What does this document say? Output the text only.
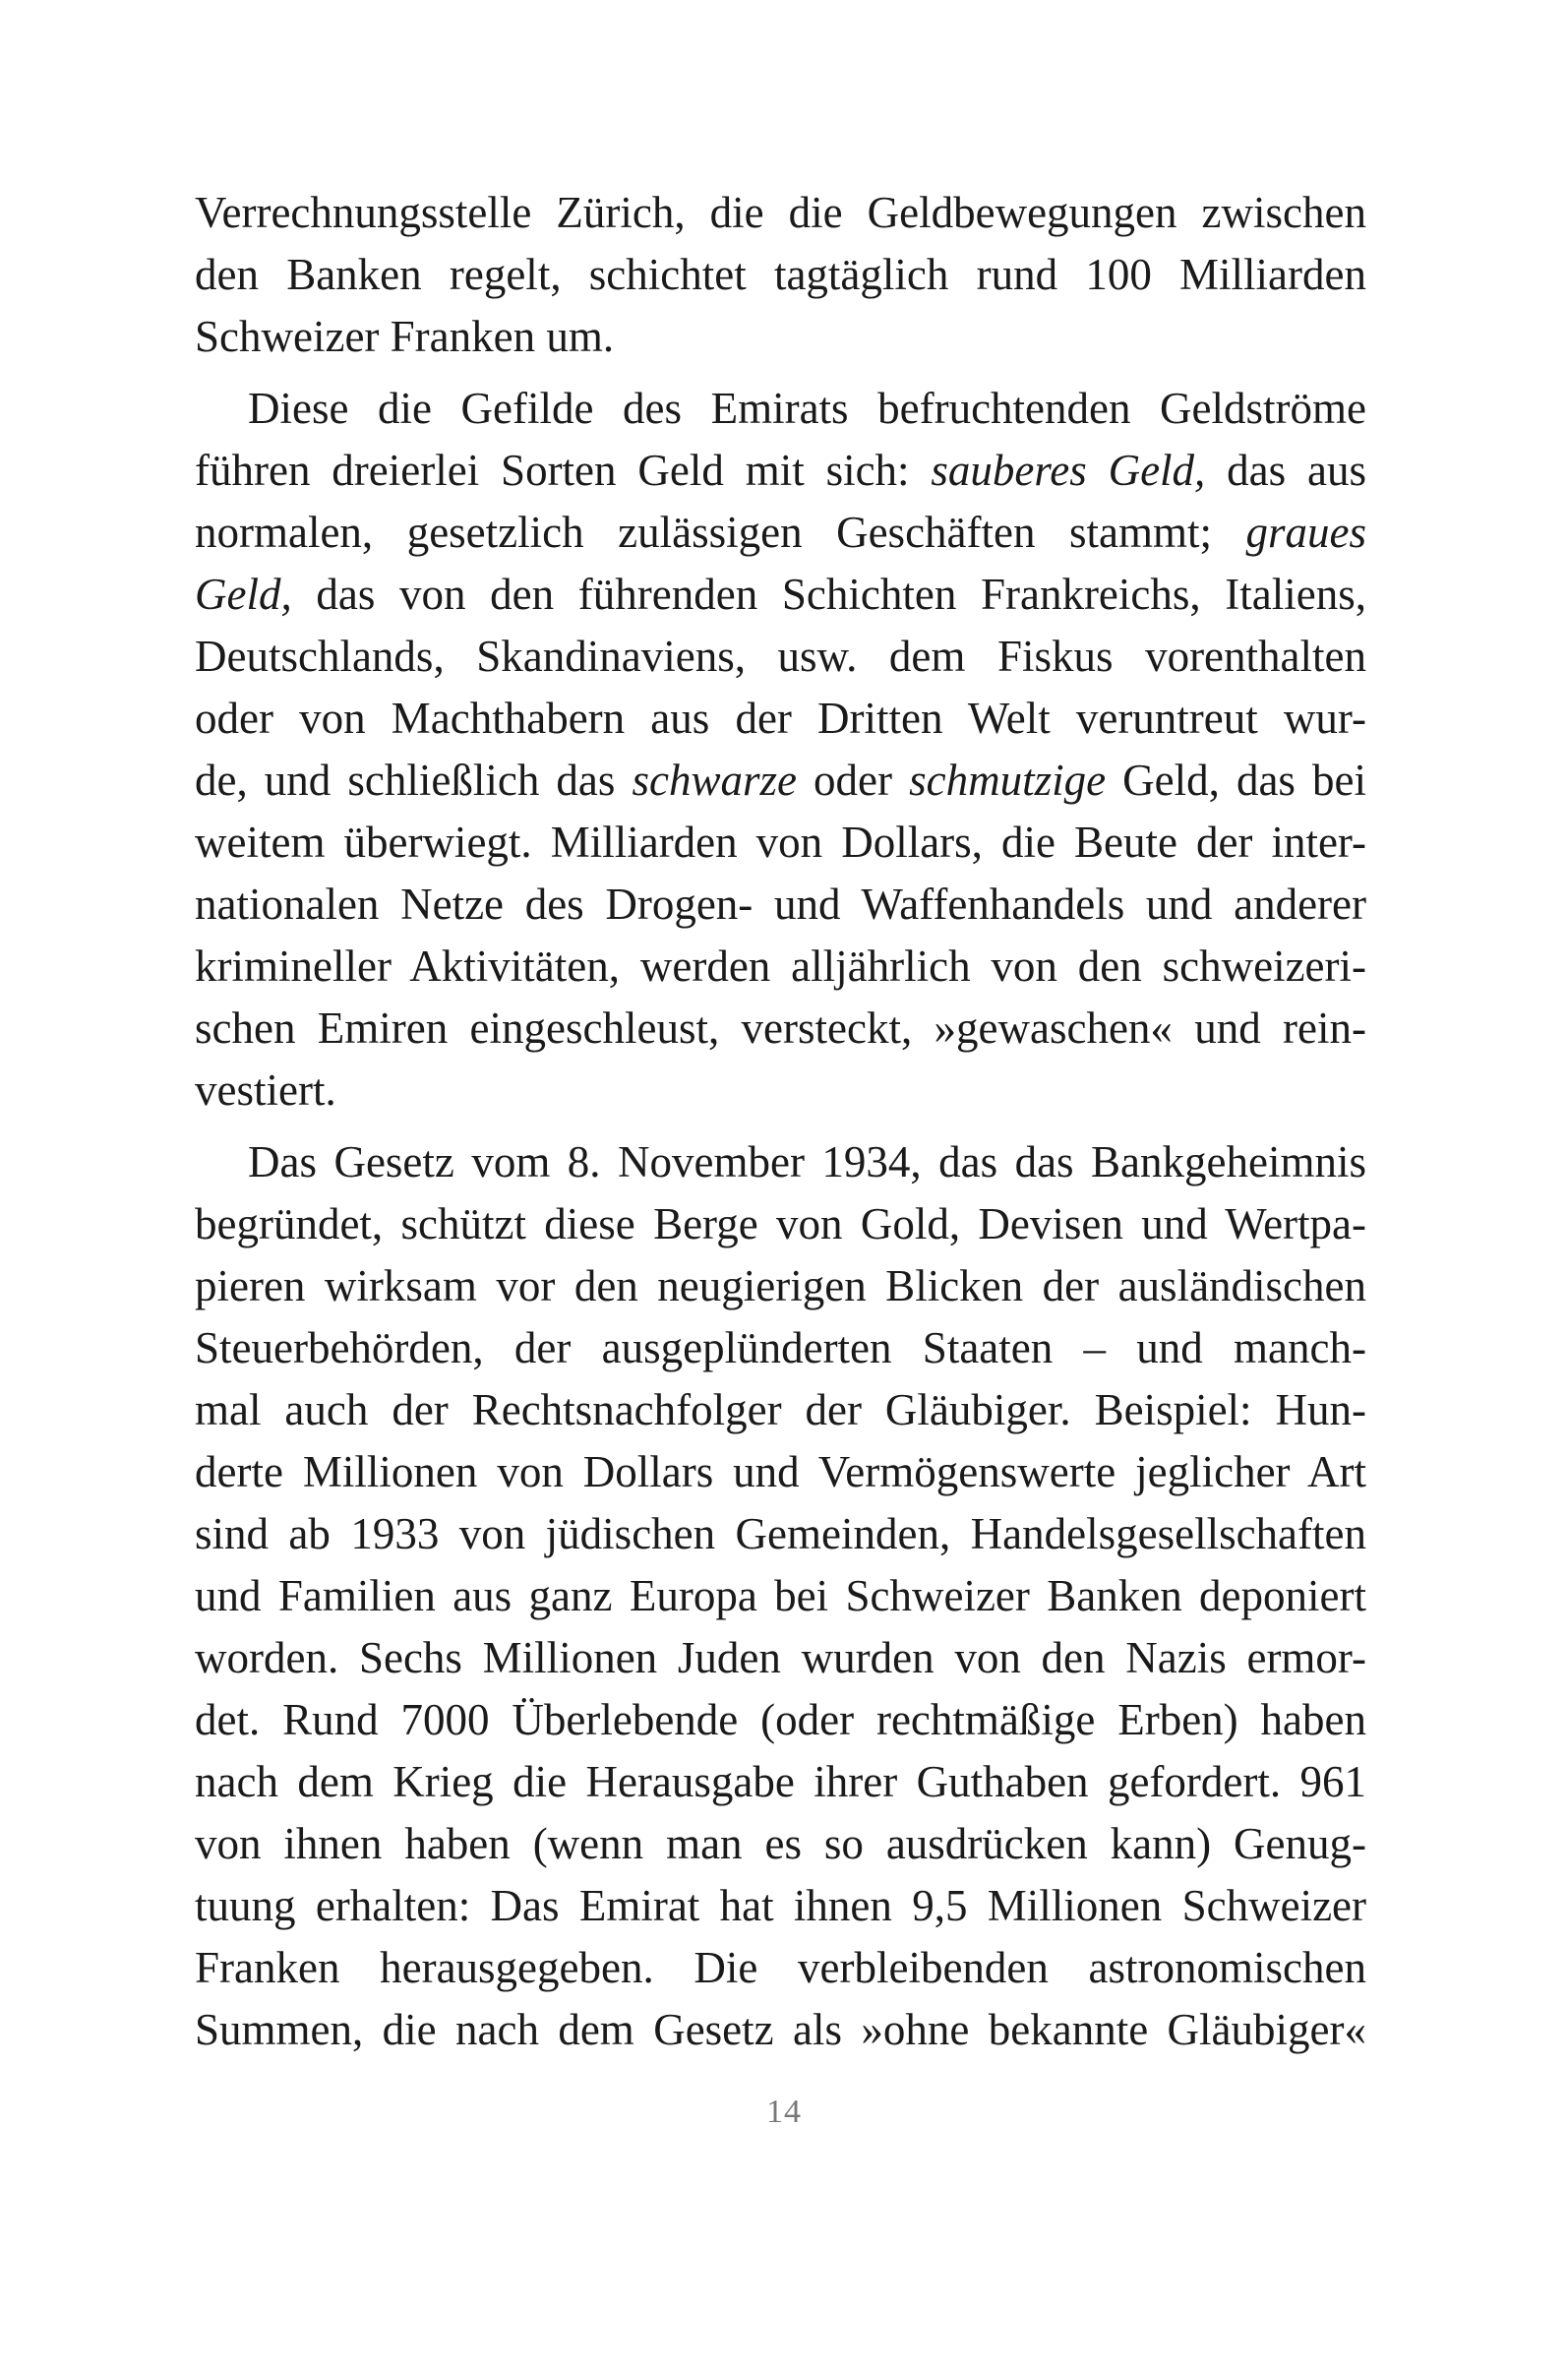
Verrechnungsstelle Zürich, die die Geldbewegungen zwischen
den Banken regelt, schichtet tagtäglich rund 100 Milliarden
Schweizer Franken um.
Diese die Gefilde des Emirats befruchtenden Geldströme
führen dreierlei Sorten Geld mit sich: sauberes Geld, das aus
normalen, gesetzlich zulässigen Geschäften stammt; graues
Geld, das von den führenden Schichten Frankreichs, Italiens,
Deutschlands, Skandinaviens, usw. dem Fiskus vorenthalten
oder von Machthabern aus der Dritten Welt veruntreut wur-
de, und schließlich das schwarze oder schmutzige Geld, das bei
weitem überwiegt. Milliarden von Dollars, die Beute der inter-
nationalen Netze des Drogen- und Waffenhandels und anderer
krimineller Aktivitäten, werden alljährlich von den schweizeri-
schen Emiren eingeschleust, versteckt, »gewaschen« und rein-
vestiert.
Das Gesetz vom 8. November 1934, das das Bankgeheimnis
begründet, schützt diese Berge von Gold, Devisen und Wertpa-
pieren wirksam vor den neugierigen Blicken der ausländischen
Steuerbehörden, der ausgeplünderten Staaten – und manch-
mal auch der Rechtsnachfolger der Gläubiger. Beispiel: Hun-
derte Millionen von Dollars und Vermögenswerte jeglicher Art
sind ab 1933 von jüdischen Gemeinden, Handelsgesellschaften
und Familien aus ganz Europa bei Schweizer Banken deponiert
worden. Sechs Millionen Juden wurden von den Nazis ermor-
det. Rund 7000 Überlebende (oder rechtmäßige Erben) haben
nach dem Krieg die Herausgabe ihrer Guthaben gefordert. 961
von ihnen haben (wenn man es so ausdrücken kann) Genug-
tuung erhalten: Das Emirat hat ihnen 9,5 Millionen Schweizer
Franken herausgegeben. Die verbleibenden astronomischen
Summen, die nach dem Gesetz als »ohne bekannte Gläubiger«
14
